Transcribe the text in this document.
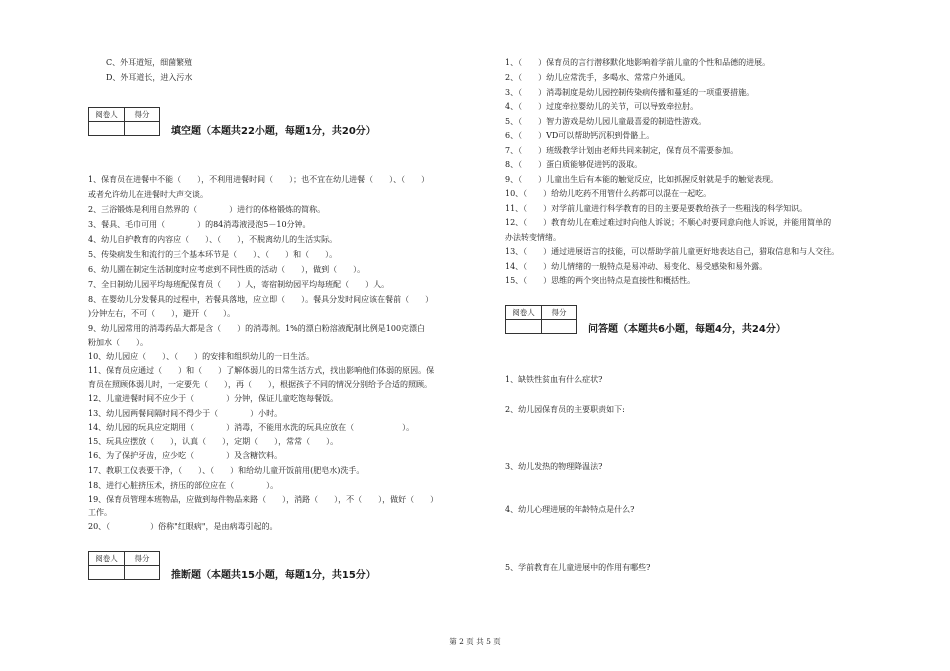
C、外耳道短，细菌繁殖
D、外耳道长，进入污水
阅卷人	得分
填空题（本题共22小题，每题1分，共20分）
1、保育员在进餐中不能（　　），不利用进餐时间（　　）；也不宜在幼儿进餐（　　）、（　　）
或者允许幼儿在进餐时大声交谈。
2、三浴锻炼是利用自然界的（　　　　）进行的体格锻炼的简称。
3、餐具、毛巾可用（　　　　）的84消毒液浸泡5－10分钟。
4、幼儿自护教育的内容应（　　）、（　　），不脱离幼儿的生活实际。
5、传染病发生和流行的三个基本环节是（　　）、（　　）和（　　）。
6、幼儿園在制定生活制度时应考虑到不同性质的活动（　　），做到（　　）。
7、全日制幼儿园平均每班配保育员（　　）人，寄宿制幼园平均每班配（　　）人。
8、在婴幼儿分发餐具的过程中，若餐具落地，应立即（　　）。餐具分发时间应该在餐前（　　）
)分钟左右，不可（　　），避开（　　）。
9、幼儿园常用的消毒药品大都是含（　　）的消毒剂。1%的漂白粉溶液配制比例是100克漂白
粉加水（　　）。
10、幼儿园应（　　）、（　　）的安排和组织幼儿的一日生活。
11、保育员应通过（　　）和（　　）了解体弱儿的日常生活方式，找出影响他们体弱的原因。保
育员在照顾体弱儿时，一定要先（　　），再（　　），根据孩子不同的情况分别给予合适的照顾。
12、儿童进餐时间不应少于（　　　　）分钟，保证儿童吃饱每餐饭。
13、幼儿园两餐间隔时间不得少于（　　　　）小时。
14、幼儿园的玩具应定期用（　　　　）消毒，不能用水洗的玩具应放在（　　　　　　）。
15、玩具应摆放（　　），认真（　　），定期（　　），常常（　　）。
16、为了保护牙齿，应少吃（　　　　）及含糖饮料。
17、教职工仪表要干净，（　　）、（　　）和给幼儿童开饭前用(肥皂水)洗手。
18、进行心脏挤压术，挤压的部位应在（　　　　）。
19、保育员管理本班物品，应做到每件物品来路（　　），消路（　　），不（　　），做好（　　）
工作。
20、（　　　　　）俗称"红眼病"，是由病毒引起的。
阅卷人	得分
推断题（本题共15小题，每题1分，共15分）
1、（　　）保育员的言行潜移默化地影响着学前儿童的个性和品德的进展。
2、（　　）幼儿应常洗手，多喝水、常常户外通风。
3、（　　）消毒制度是幼儿园控制传染病传播和蔓延的一项重要措施。
4、（　　）过度牵拉婴幼儿的关节，可以导致牵拉肘。
5、（　　）智力游戏是幼儿园儿童最喜爱的制造性游戏。
6、（　　）VD可以帮助钙沉积到骨骼上。
7、（　　）班级教学计划由老师共同来制定，保育员不需要参加。
8、（　　）蛋白质能够促进钙的汲取。
9、（　　）儿童出生后有本能的触觉反应，比如抓握反射就是手的触觉表现。
10、（　　）给幼儿吃药不用管什么药都可以混在一起吃。
11、（　　）对学前儿童进行科学教育的目的主要是要教给孩子一些粗浅的科学知识。
12、（　　）教育幼儿在难过难过时向他人诉说；不顺心时要同意向他人诉说，并能用简单的
办法转变情绪。
13、（　　）通过进展语言的技能，可以帮助学前儿童更好地表达自己，猎取信息和与人交往。
14、（　　）幼儿情绪的一般特点是易冲动、易变化、易受感染和易外露。
15、（　　）思维的两个突出特点是直接性和概括性。
阅卷人	得分
问答题（本题共6小题，每题4分，共24分）
1、缺铁性贫血有什么症状?
2、幼儿园保育员的主要职责如下:
3、幼儿发热的物理降温法?
4、幼儿心理进展的年龄特点是什么?
5、学前教育在儿童进展中的作用有哪些?
第 2 页 共 5 页
